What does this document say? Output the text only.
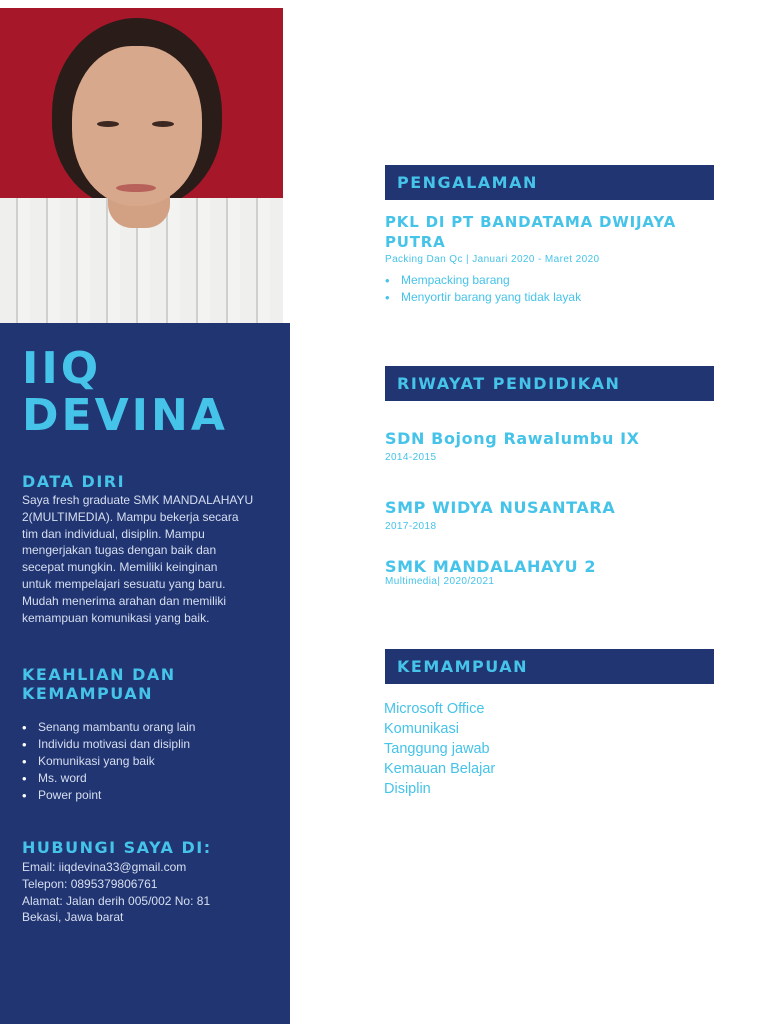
IIQ
DEVINA
DATA DIRI
Saya fresh graduate SMK MANDALAHAYU
2(MULTIMEDIA). Mampu bekerja secara
tim dan individual, disiplin. Mampu
mengerjakan tugas dengan baik dan
secepat mungkin. Memiliki keinginan
untuk mempelajari sesuatu yang baru.
Mudah menerima arahan dan memiliki
kemampuan komunikasi yang baik.
KEAHLIAN DAN
KEMAMPUAN
• Senang mambantu orang lain
• Individu motivasi dan disiplin
• Komunikasi yang baik
• Ms. word
• Power point
HUBUNGI SAYA DI:
Email: iiqdevina33@gmail.com
Telepon: 0895379806761
Alamat: Jalan derih 005/002 No: 81
Bekasi, Jawa barat
PENGALAMAN
PKL DI PT BANDATAMA DWIJAYA
PUTRA
Packing Dan Qc | Januari 2020 - Maret 2020
• Mempacking barang
• Menyortir barang yang tidak layak
RIWAYAT PENDIDIKAN
SDN Bojong Rawalumbu IX
2014-2015
SMP WIDYA NUSANTARA
2017-2018
SMK MANDALAHAYU 2
Multimedia| 2020/2021
KEMAMPUAN
Microsoft Office
Komunikasi
Tanggung jawab
Kemauan Belajar
Disiplin
